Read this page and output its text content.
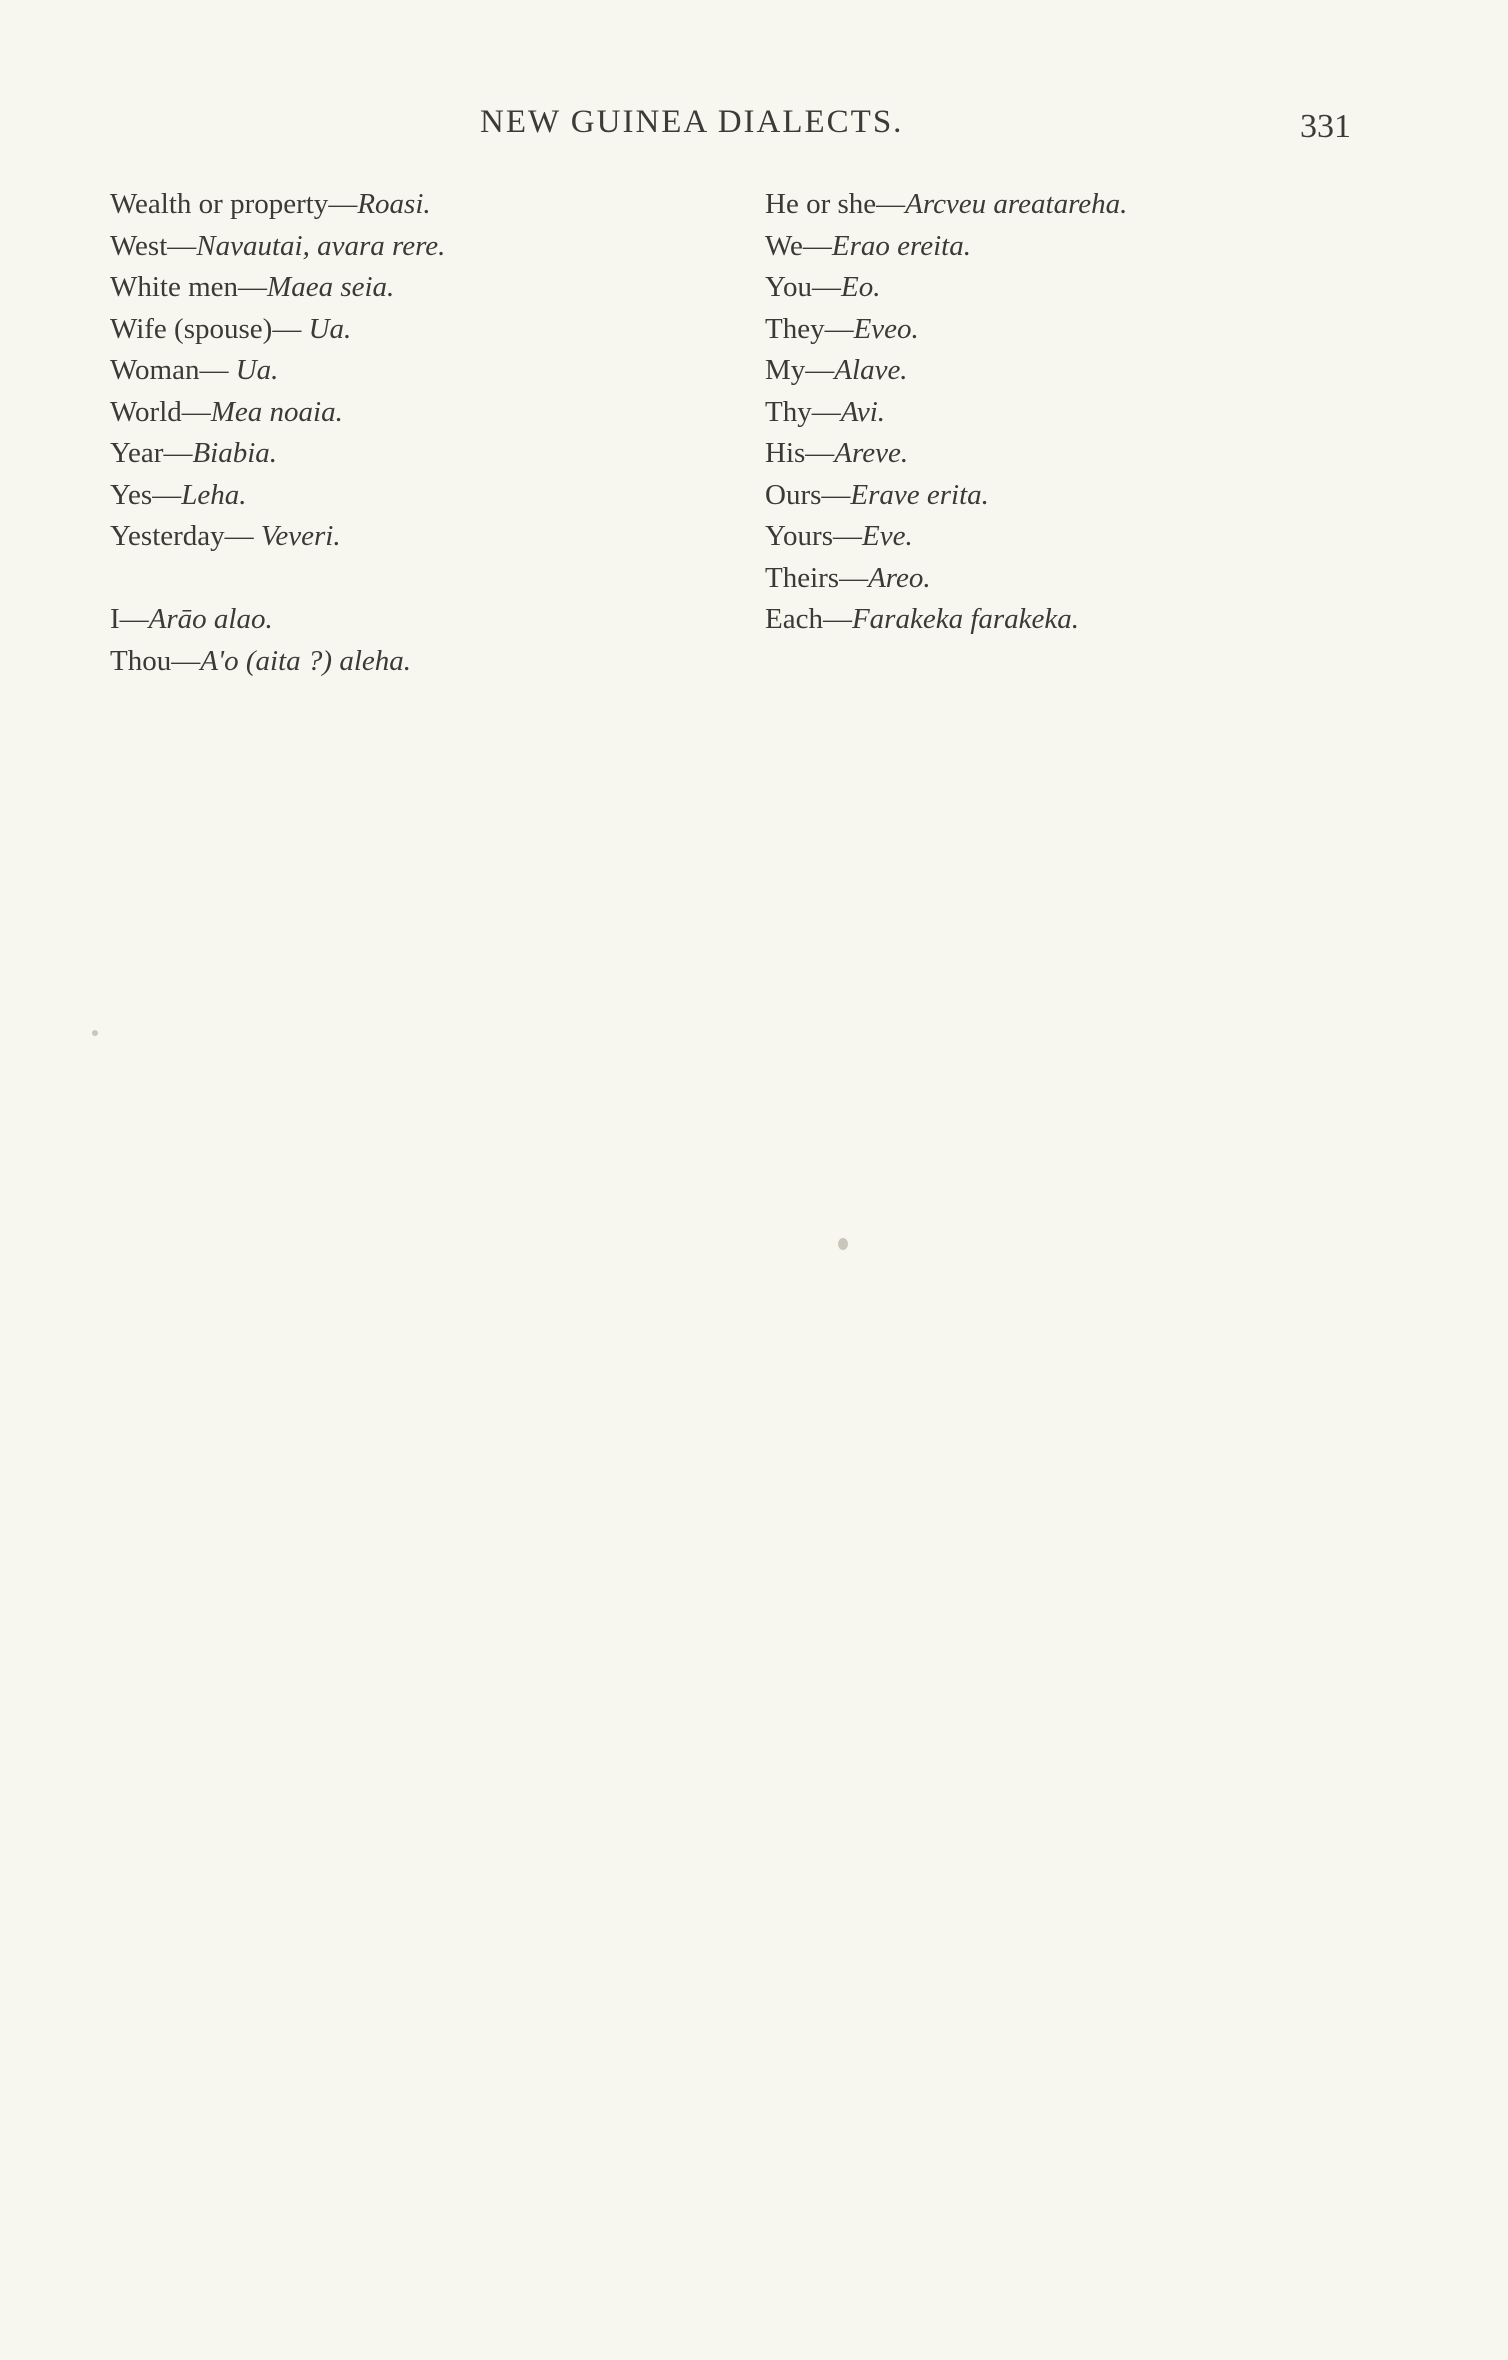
NEW GUINEA DIALECTS.	331
Wealth or property—Roasi.
West—Navautai, avara rere.
White men—Maea seia.
Wife (spouse)— Ua.
Woman— Ua.
World—Mea noaia.
Year—Biabia.
Yes—Leha.
Yesterday— Veveri.
I—Arāo alao.
Thou—A'o (aita ?) aleha.
He or she—Arcveu areatareha.
We—Erao ereita.
You—Eo.
They—Eveo.
My—Alave.
Thy—Avi.
His—Areve.
Ours—Erave erita.
Yours—Eve.
Theirs—Areo.
Each—Farakeka farakeka.
